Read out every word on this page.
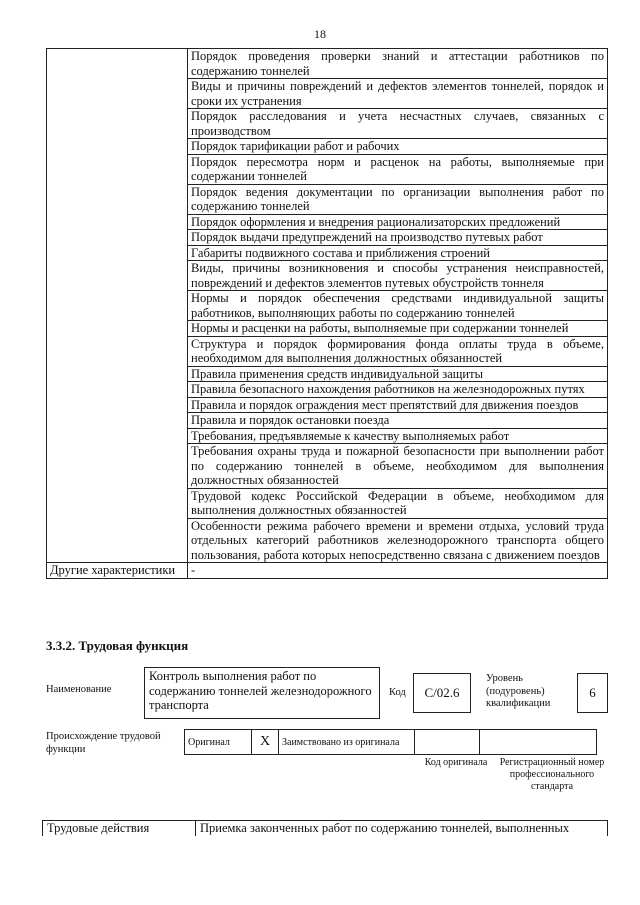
18
	Порядок проведения проверки знаний и аттестации работников по содержанию тоннелей
	Виды и причины повреждений и дефектов элементов тоннелей, порядок и сроки их устранения
	Порядок расследования и учета несчастных случаев, связанных с производством
	Порядок тарификации работ и рабочих
	Порядок пересмотра норм и расценок на работы, выполняемые при содержании тоннелей
	Порядок ведения документации по организации выполнения работ по содержанию тоннелей
	Порядок оформления и внедрения рационализаторских предложений
	Порядок выдачи предупреждений на производство путевых работ
	Габариты подвижного состава и приближения строений
	Виды, причины возникновения и способы устранения неисправностей, повреждений и дефектов элементов путевых обустройств тоннеля
	Нормы и порядок обеспечения средствами индивидуальной защиты работников, выполняющих работы по содержанию тоннелей
	Нормы и расценки на работы, выполняемые при содержании тоннелей
	Структура и порядок формирования фонда оплаты труда в объеме, необходимом для выполнения должностных обязанностей
	Правила применения средств индивидуальной защиты
	Правила безопасного нахождения работников на железнодорожных путях
	Правила и порядок ограждения мест препятствий для движения поездов
	Правила и порядок остановки поезда
	Требования, предъявляемые к качеству выполняемых работ
	Требования охраны труда и пожарной безопасности при выполнении работ по содержанию тоннелей в объеме, необходимом для выполнения должностных обязанностей
	Трудовой кодекс Российской Федерации в объеме, необходимом для выполнения должностных обязанностей
	Особенности режима рабочего времени и времени отдыха, условий труда отдельных категорий работников железнодорожного транспорта общего пользования, работа которых непосредственно связана с движением поездов
Другие характеристики	-
3.3.2. Трудовая функция
Наименование
Контроль выполнения работ по содержанию тоннелей железнодорожного транспорта
Код	C/02.6
Уровень (подуровень) квалификации
6
Происхождение трудовой функции
Оригинал	X	Заимствовано из оригинала		
Код оригинала	Регистрационный номер профессионального стандарта
Трудовые действия	Приемка законченных работ по содержанию тоннелей, выполненных
